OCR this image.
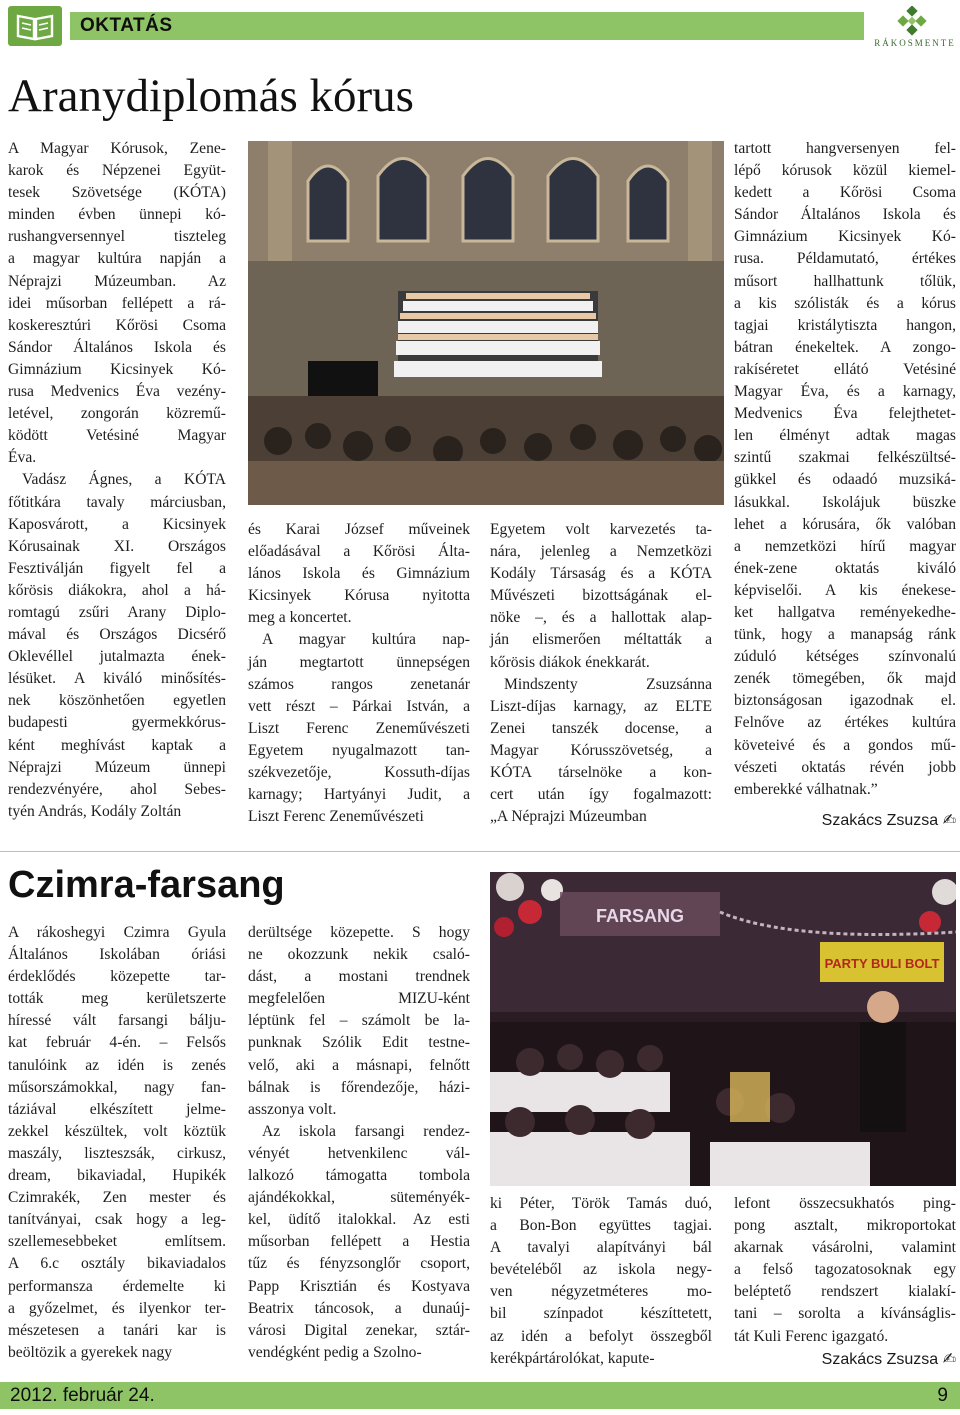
OKTATÁS
RÁKOSMENTE
Aranydiplomás kórus
A Magyar Kórusok, Zene-
karok és Népzenei Együt-
tesek Szövetsége (KÓTA)
minden évben ünnepi kó-
rushangversennyel tiszteleg
a magyar kultúra napján a
Néprajzi Múzeumban. Az
idei műsorban fellépett a rá-
koskeresztúri Kőrösi Csoma
Sándor Általános Iskola és
Gimnázium Kicsinyek Kó-
rusa Medvenics Éva vezény-
letével, zongorán közremű-
ködött Vetésiné Magyar
Éva.
Vadász Ágnes, a KÓTA
főtitkára tavaly márciusban,
Kaposvárott, a Kicsinyek
Kórusainak XI. Országos
Fesztiválján figyelt fel a
kőrösis diákokra, ahol a há-
romtagú zsűri Arany Diplo-
mával és Országos Dicsérő
Oklevéllel jutalmazta ének-
lésüket. A kiváló minősítés-
nek köszönhetően egyetlen
budapesti gyermekkórus-
ként meghívást kaptak a
Néprajzi Múzeum ünnepi
rendezvényére, ahol Sebes-
tyén András, Kodály Zoltán
és Karai József műveinek
előadásával a Kőrösi Álta-
lános Iskola és Gimnázium
Kicsinyek Kórusa nyitotta
meg a koncertet.
A magyar kultúra nap-
ján megtartott ünnepségen
számos rangos zenetanár
vett részt – Párkai István, a
Liszt Ferenc Zeneművészeti
Egyetem nyugalmazott tan-
székvezetője, Kossuth-díjas
karnagy; Hartyányi Judit, a
Liszt Ferenc Zeneművészeti
Egyetem volt karvezetés ta-
nára, jelenleg a Nemzetközi
Kodály Társaság és a KÓTA
Művészeti bizottságának el-
nöke –, és a hallottak alap-
ján elismerően méltatták a
kőrösis diákok énekkarát.
Mindszenty Zsuzsánna
Liszt-díjas karnagy, az ELTE
Zenei tanszék docense, a
Magyar Kórusszövetség, a
KÓTA társelnöke a kon-
cert után így fogalmazott:
„A Néprajzi Múzeumban
tartott hangversenyen fel-
lépő kórusok közül kiemel-
kedett a Kőrösi Csoma
Sándor Általános Iskola és
Gimnázium Kicsinyek Kó-
rusa. Példamutató, értékes
műsort hallhattunk tőlük,
a kis szólisták és a kórus
tagjai kristálytiszta hangon,
bátran énekeltek. A zongo-
rakíséretet ellátó Vetésiné
Magyar Éva, és a karnagy,
Medvenics Éva felejthetet-
len élményt adtak magas
szintű szakmai felkészültsé-
gükkel és odaadó muzsiká-
lásukkal. Iskolájuk büszke
lehet a kórusára, ők valóban
a nemzetközi hírű magyar
ének-zene oktatás kiváló
képviselői. A kis énekese-
ket hallgatva reményekedhe-
tünk, hogy a manapság ránk
zúduló kétséges színvonalú
zenék tömegében, ők majd
biztonságosan igazodnak el.
Felnőve az értékes kultúra
követeivé és a gondos mű-
vészeti oktatás révén jobb
emberekké válhatnak.”
Szakács Zsuzsa ✍
Czimra-farsang
A rákoshegyi Czimra Gyula
Általános Iskolában óriási
érdeklődés közepette tar-
tották meg kerületszerte
híressé vált farsangi bálju-
kat február 4-én. – Felsős
tanulóink az idén is zenés
műsorszámokkal, nagy fan-
táziával elkészített jelme-
zekkel készültek, volt köztük
maszály, liszteszsák, cirkusz,
dream, bikaviadal, Hupikék
Czimrakék, Zen mester és
tanítványai, csak hogy a leg-
szellemesebbeket említsem.
A 6.c osztály bikaviadalos
performansza érdemelte ki
a győzelmet, és ilyenkor ter-
mészetesen a tanári kar is
beöltözik a gyerekek nagy
derültsége közepette. S hogy
ne okozzunk nekik csaló-
dást, a mostani trendnek
megfelelően MIZU-ként
léptünk fel – számolt be la-
punknak Szólik Edit testne-
velő, aki a másnapi, felnőtt
bálnak is főrendezője, házi-
asszonya volt.
Az iskola farsangi rendez-
vényét hetvenkilenc vál-
lalkozó támogatta tombola
ajándékokkal, süteményék-
kel, üdítő italokkal. Az esti
műsorban fellépett a Hestia
tűz és fényzsonglőr csoport,
Papp Krisztián és Kostyava
Beatrix táncosok, a dunaúj-
városi Digital zenekar, sztár-
vendégként pedig a Szolno-
FARSANG
PARTY BULI BOLT
ki Péter, Török Tamás duó,
a Bon-Bon együttes tagjai.
A tavalyi alapítványi bál
bevételéből az iskola negy-
ven négyzetméteres mo-
bil színpadot készíttetett,
az idén a befolyt összegből
kerékpártárolókat, kapute-
lefont összecsukhatós ping-
pong asztalt, mikroportokat
akarnak vásárolni, valamint
a felső tagozatosoknak egy
beléptető rendszert kialakí-
tani – sorolta a kívánságlis-
tát Kuli Ferenc igazgató.
Szakács Zsuzsa ✍
2012. február 24.	9
